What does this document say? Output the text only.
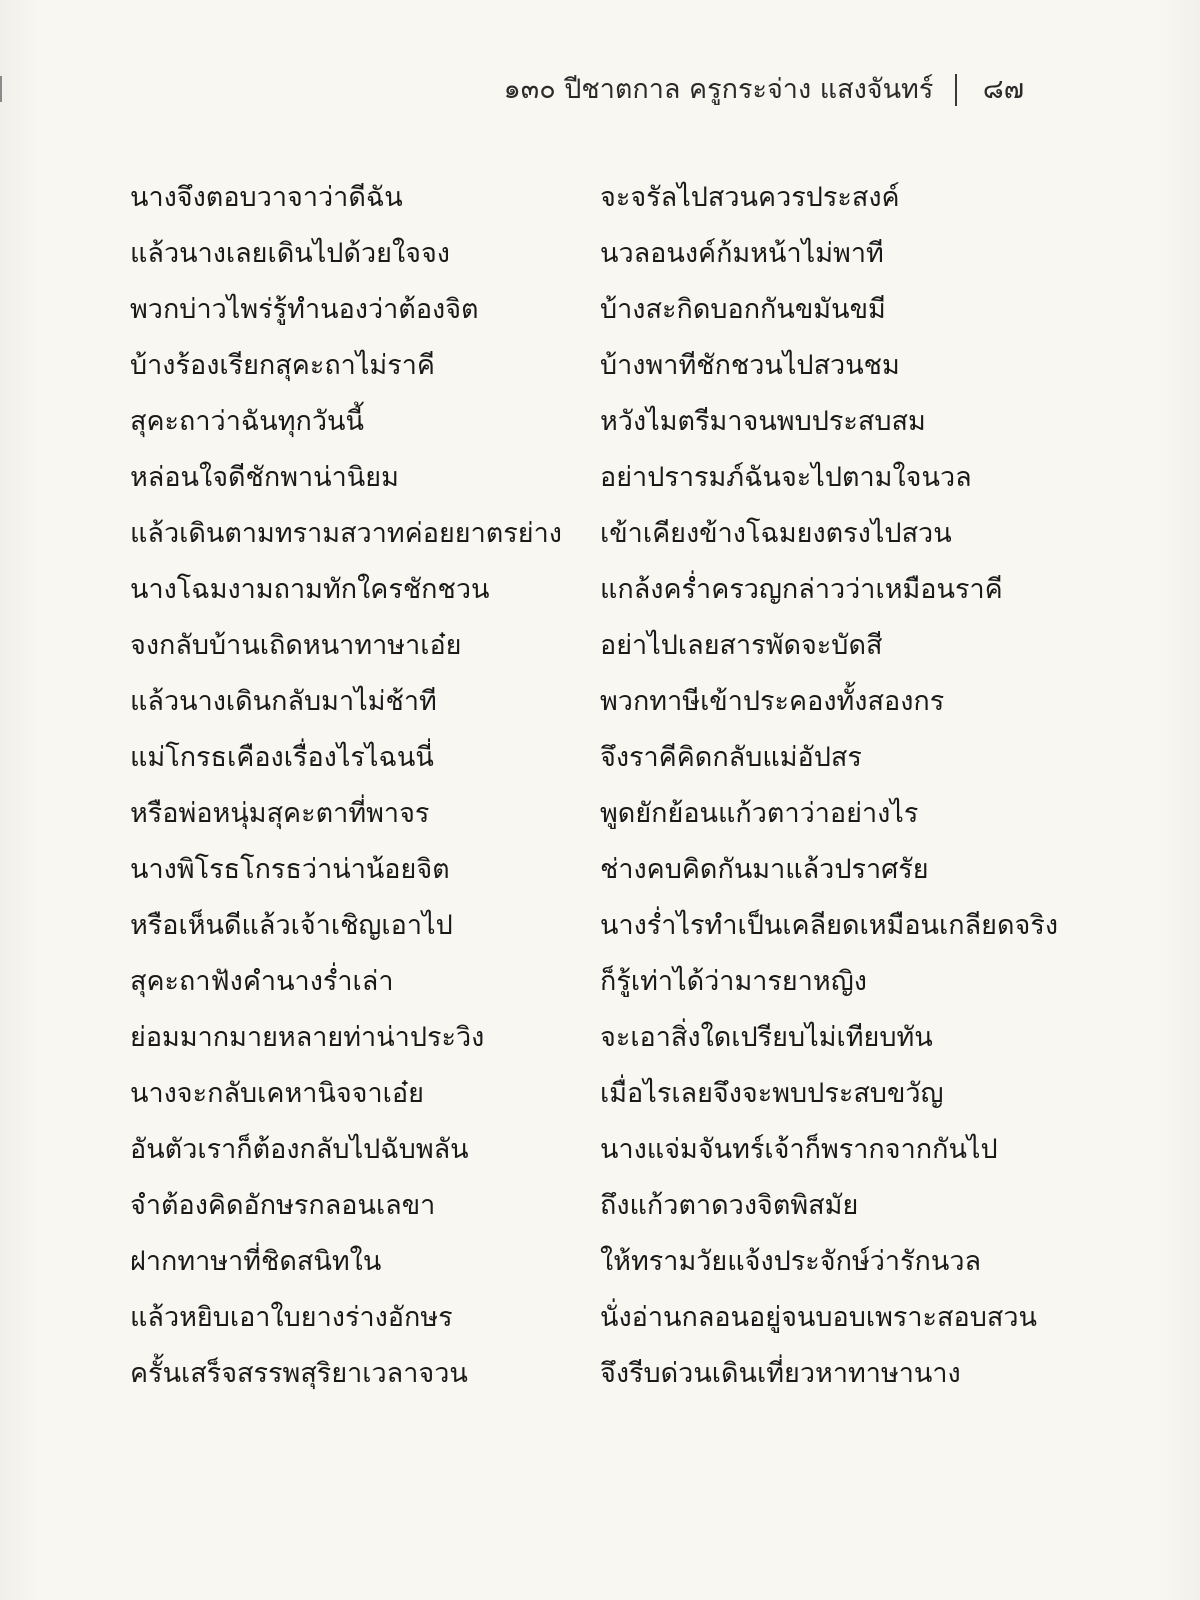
๑๓๐ ปีชาตกาล ครูกระจ่าง แสงจันทร์ ๘๗
นางจึงตอบวาจาว่าดีฉัน
แล้วนางเลยเดินไปด้วยใจจง
พวกบ่าวไพร่รู้ทำนองว่าต้องจิต
บ้างร้องเรียกสุคะถาไม่ราคี
สุคะถาว่าฉันทุกวันนี้
หล่อนใจดีชักพาน่านิยม
แล้วเดินตามทรามสวาทค่อยยาตรย่าง
นางโฉมงามถามทักใครชักชวน
จงกลับบ้านเถิดหนาทาษาเอ๋ย
แล้วนางเดินกลับมาไม่ช้าที
แม่โกรธเคืองเรื่องไรไฉนนี่
หรือพ่อหนุ่มสุคะตาที่พาจร
นางพิโรธโกรธว่าน่าน้อยจิต
หรือเห็นดีแล้วเจ้าเชิญเอาไป
สุคะถาฟังคำนางร่ำเล่า
ย่อมมากมายหลายท่าน่าประวิง
นางจะกลับเคหานิจจาเอ๋ย
อันตัวเราก็ต้องกลับไปฉับพลัน
จำต้องคิดอักษรกลอนเลขา
ฝากทาษาที่ชิดสนิทใน
แล้วหยิบเอาใบยางร่างอักษร
ครั้นเสร็จสรรพสุริยาเวลาจวน
จะจรัลไปสวนควรประสงค์
นวลอนงค์ก้มหน้าไม่พาที
บ้างสะกิดบอกกันขมันขมี
บ้างพาทีชักชวนไปสวนชม
หวังไมตรีมาจนพบประสบสม
อย่าปรารมภ์ฉันจะไปตามใจนวล
เข้าเคียงข้างโฉมยงตรงไปสวน
แกล้งคร่ำครวญกล่าวว่าเหมือนราคี
อย่าไปเลยสารพัดจะบัดสี
พวกทาษีเข้าประคองทั้งสองกร
จึงราคีคิดกลับแม่อัปสร
พูดยักย้อนแก้วตาว่าอย่างไร
ช่างคบคิดกันมาแล้วปราศรัย
นางร่ำไรทำเป็นเคลียดเหมือนเกลียดจริง
ก็รู้เท่าได้ว่ามารยาหญิง
จะเอาสิ่งใดเปรียบไม่เทียบทัน
เมื่อไรเลยจึงจะพบประสบขวัญ
นางแจ่มจันทร์เจ้าก็พรากจากกันไป
ถึงแก้วตาดวงจิตพิสมัย
ให้ทรามวัยแจ้งประจักษ์ว่ารักนวล
นั่งอ่านกลอนอยู่จนบอบเพราะสอบสวน
จึงรีบด่วนเดินเที่ยวหาทาษานาง
